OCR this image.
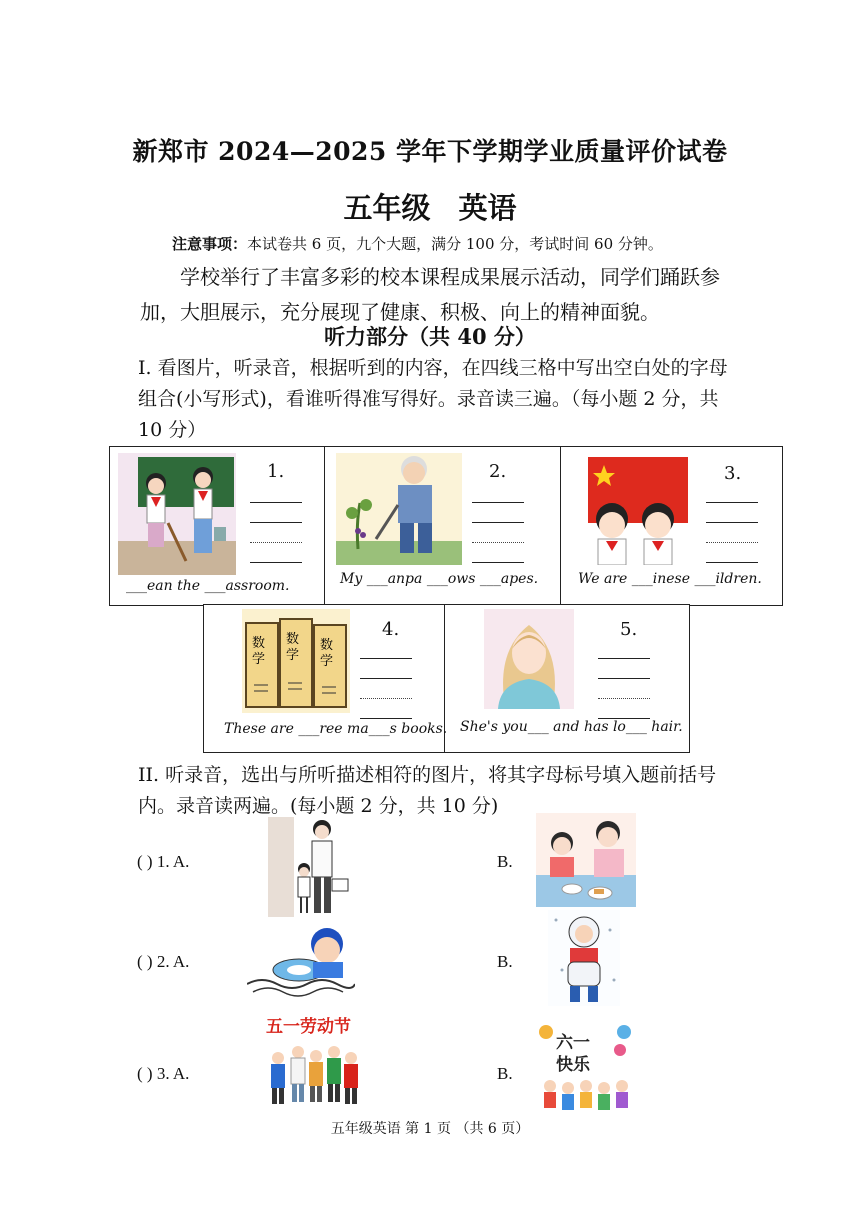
新郑市 2024—2025 学年下学期学业质量评价试卷
五年级 英语
注意事项：本试卷共 6 页，九个大题，满分 100 分，考试时间 60 分钟。
学校举行了丰富多彩的校本课程成果展示活动，同学们踊跃参加，大胆展示，充分展现了健康、积极、向上的精神面貌。
听力部分（共 40 分）
I. 看图片，听录音，根据听到的内容，在四线三格中写出空白处的字母组合(小写形式)，看谁听得准写得好。录音读三遍。（每小题 2 分，共 10 分）
1.
___ean the ___assroom.
2.
My ___anpa ___ows ___apes.
3.
We are ___inese ___ildren.
数
学
数
学
数
学
4.
These are ___ree ma___s books.
5.
She's you___ and has lo___ hair.
II. 听录音，选出与所听描述相符的图片，将其字母标号填入题前括号内。录音读两遍。(每小题 2 分，共 10 分)
( ) 1. A.	B.
( ) 2. A.	B.
( ) 3. A.
五一劳动节
B.
六一
快乐
五年级英语 第 1 页 （共 6 页）
